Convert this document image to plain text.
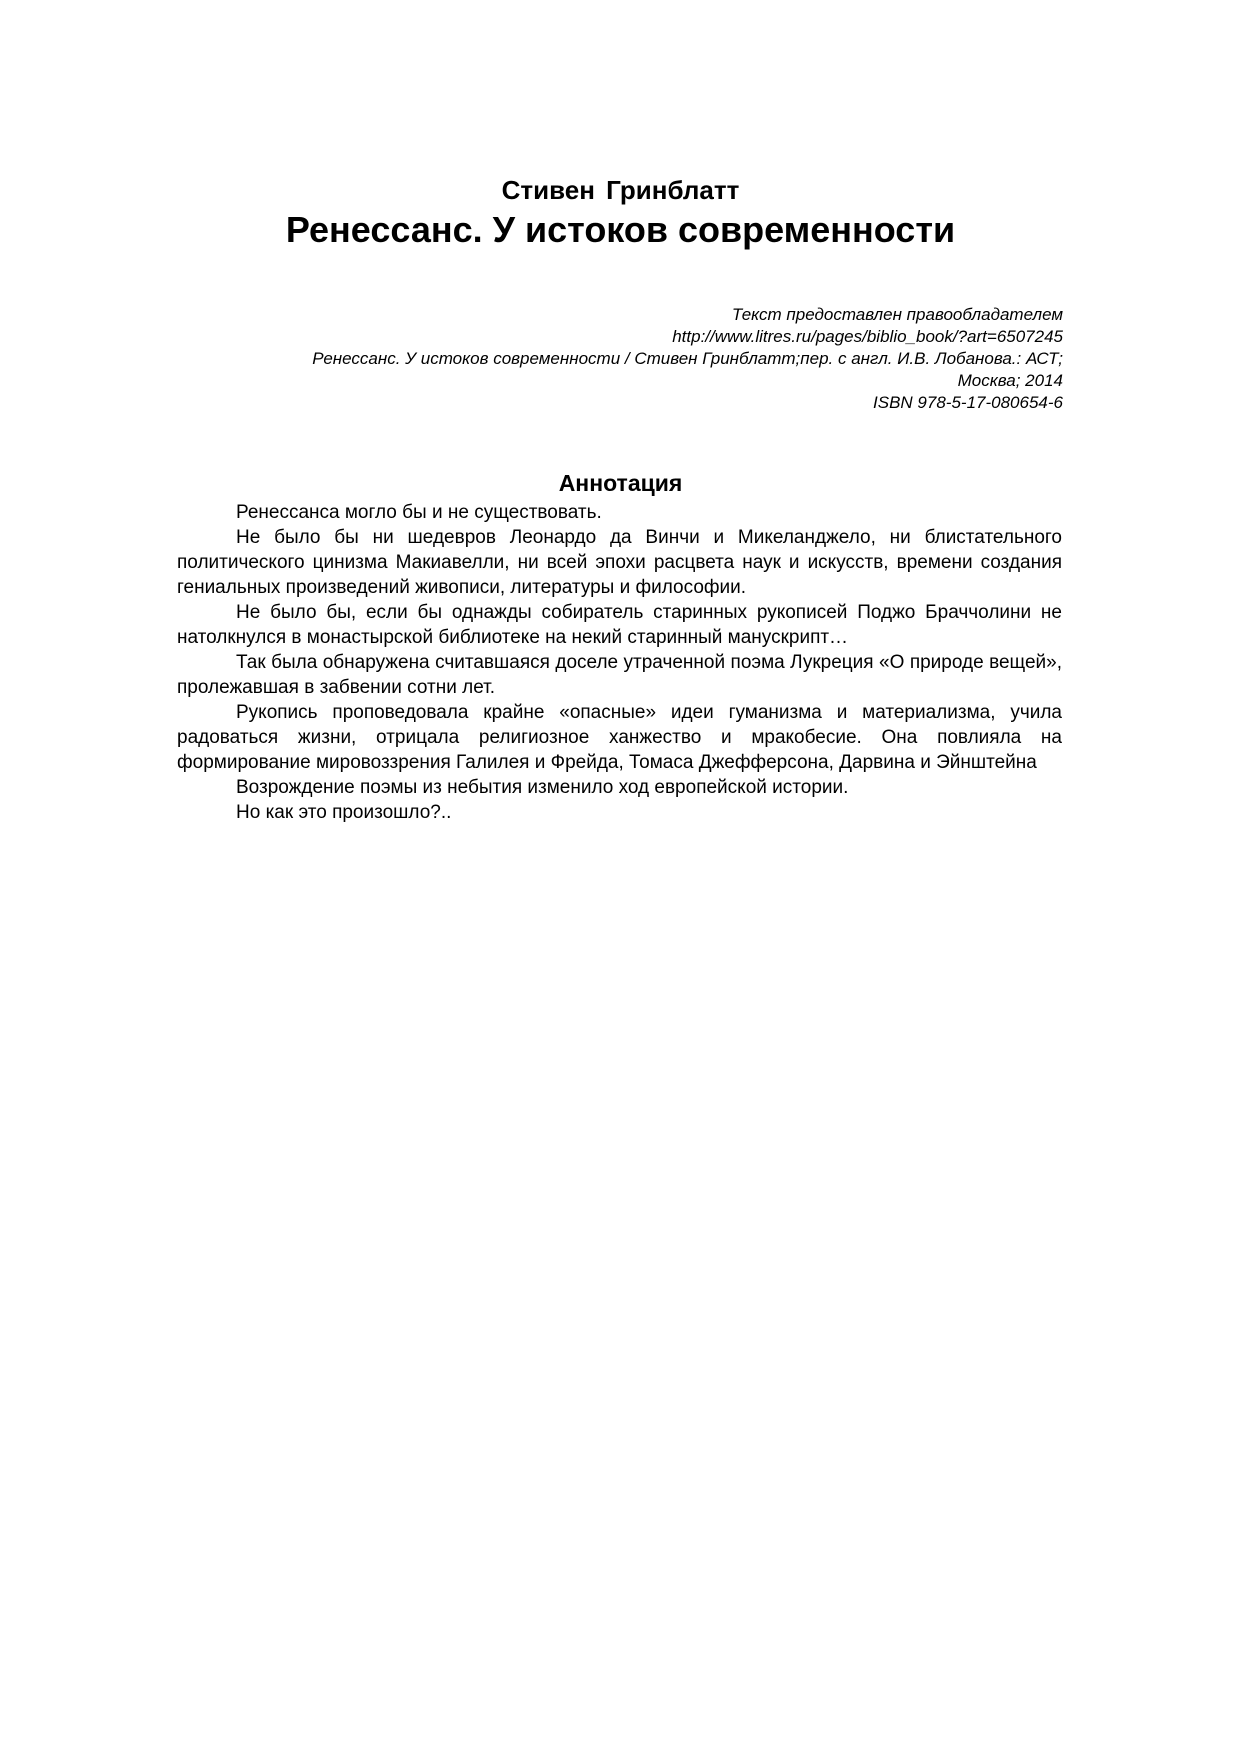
Стивен Гринблатт
Ренессанс. У истоков современности
Текст предоставлен правообладателем
http://www.litres.ru/pages/biblio_book/?art=6507245
Ренессанс. У истоков современности / Стивен Гринблатт;пер. с англ. И.В. Лобанова.: АСТ;
Москва; 2014
ISBN 978-5-17-080654-6
Аннотация

Ренессанса могло бы и не существовать.

Не было бы ни шедевров Леонардо да Винчи и Микеланджело, ни блистательного политического цинизма Макиавелли, ни всей эпохи расцвета наук и искусств, времени создания гениальных произведений живописи, литературы и философии.

Не было бы, если бы однажды собиратель старинных рукописей Поджо Браччолини не натолкнулся в монастырской библиотеке на некий старинный манускрипт…

Так была обнаружена считавшаяся доселе утраченной поэма Лукреция «О природе вещей», пролежавшая в забвении сотни лет.

Рукопись проповедовала крайне «опасные» идеи гуманизма и материализма, учила радоваться жизни, отрицала религиозное ханжество и мракобесие. Она повлияла на формирование мировоззрения Галилея и Фрейда, Томаса Джефферсона, Дарвина и Эйнштейна

Возрождение поэмы из небытия изменило ход европейской истории.

Но как это произошло?..
